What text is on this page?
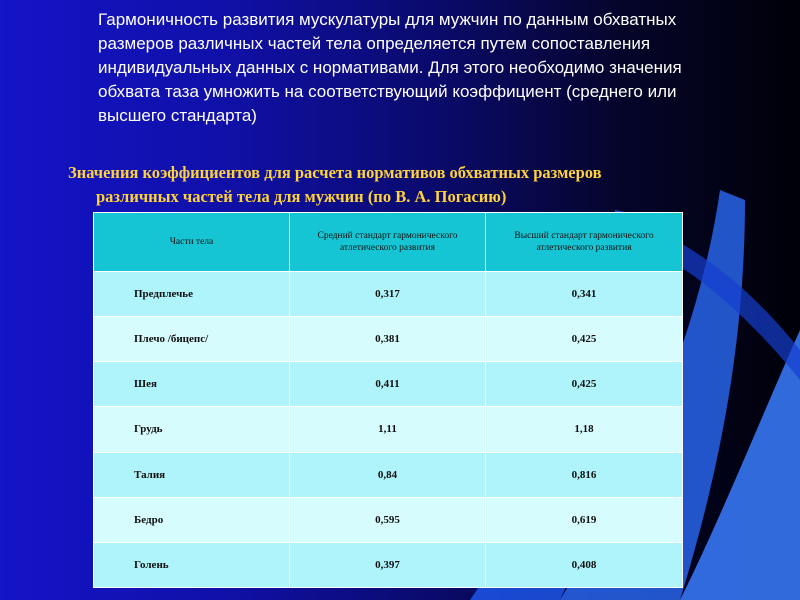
Гармоничность развития мускулатуры для мужчин по данным обхватных размеров различных частей тела определяется путем сопоставления индивидуальных данных с нормативами. Для этого необходимо значения обхвата таза умножить на соответствующий коэффициент (среднего или высшего стандарта)

Значения коэффициентов для расчета нормативов обхватных размеров
различных частей тела для мужчин (по В. А. Погасию)

Части тела	Средний стандарт гармонического атлетического развития	Высший стандарт гармонического атлетического развития
Предплечье	0,317	0,341
Плечо /бицепс/	0,381	0,425
Шея	0,411	0,425
Грудь	1,11	1,18
Талия	0,84	0,816
Бедро	0,595	0,619
Голень	0,397	0,408
